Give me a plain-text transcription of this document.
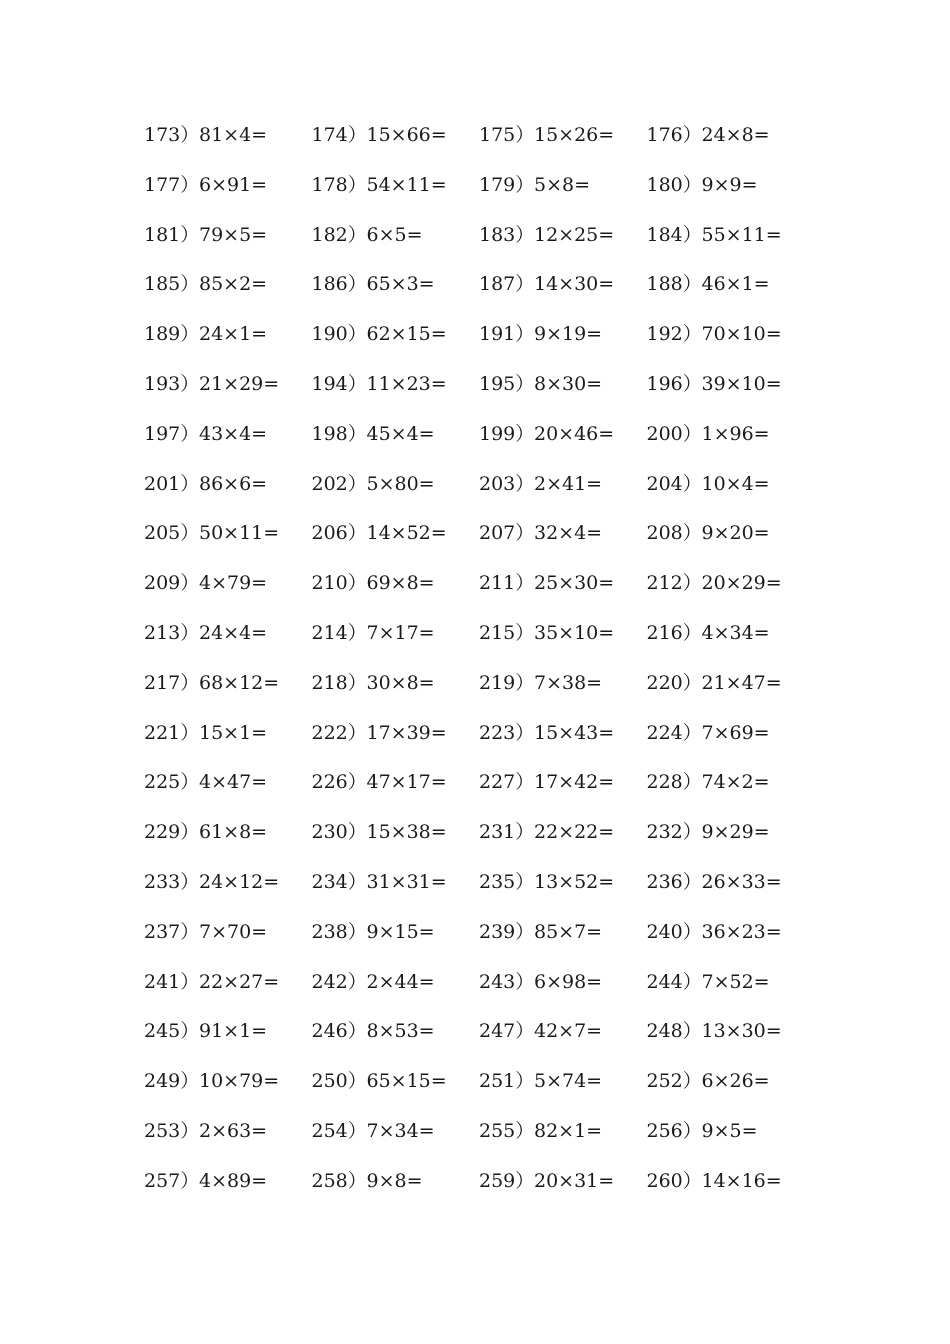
173） 81×4= 174） 15×66= 175） 15×26= 176） 24×8=
177） 6×91= 178） 54×11= 179） 5×8=	180） 9×9=
181） 79×5= 182） 6×5=	183） 12×25= 184） 55×11=
185） 85×2= 186） 65×3= 187） 14×30= 188） 46×1=
189） 24×1= 190） 62×15= 191） 9×19= 192） 70×10=
193） 21×29= 194） 11×23= 195） 8×30= 196） 39×10=
197） 43×4= 198） 45×4= 199） 20×46= 200） 1×96=
201） 86×6= 202） 5×80= 203） 2×41= 204） 10×4=
205） 50×11= 206） 14×52= 207） 32×4= 208） 9×20=
209） 4×79= 210） 69×8= 211） 25×30= 212） 20×29=
213） 24×4= 214） 7×17= 215） 35×10= 216） 4×34=
217） 68×12= 218） 30×8= 219） 7×38= 220） 21×47=
221） 15×1= 222） 17×39= 223） 15×43= 224） 7×69=
225） 4×47= 226） 47×17= 227） 17×42= 228） 74×2=
229） 61×8= 230） 15×38= 231） 22×22= 232） 9×29=
233） 24×12= 234） 31×31= 235） 13×52= 236） 26×33=
237） 7×70= 238） 9×15= 239） 85×7= 240） 36×23=
241） 22×27= 242） 2×44= 243） 6×98= 244） 7×52=
245） 91×1= 246） 8×53= 247） 42×7= 248） 13×30=
249） 10×79= 250） 65×15= 251） 5×74= 252） 6×26=
253） 2×63= 254） 7×34= 255） 82×1= 256） 9×5=
257） 4×89= 258） 9×8=	259） 20×31= 260） 14×16=
